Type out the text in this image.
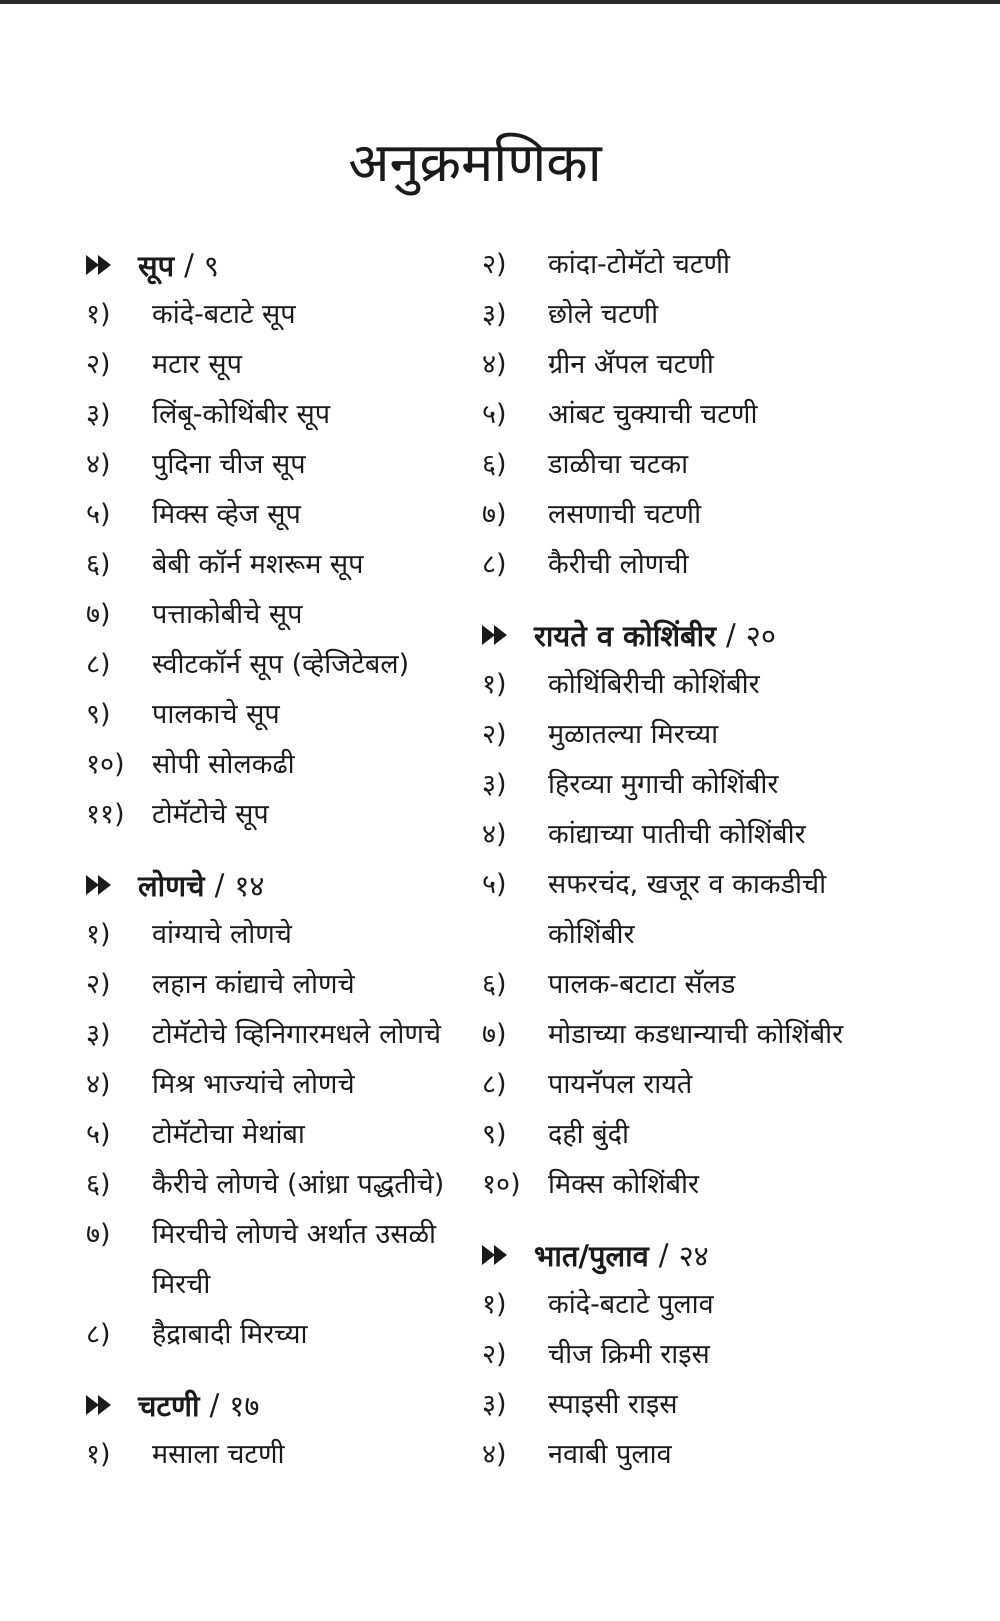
अनुक्रमणिका
सूप / ९
१)	कांदे-बटाटे सूप
२)	मटार सूप
३)	लिंबू-कोथिंबीर सूप
४)	पुदिना चीज सूप
५)	मिक्स व्हेज सूप
६)	बेबी कॉर्न मशरूम सूप
७)	पत्ताकोबीचे सूप
८)	स्वीटकॉर्न सूप (व्हेजिटेबल)
९)	पालकाचे सूप
१०)	सोपी सोलकढी
११)	टोमॅटोचे सूप
लोणचे / १४
१)	वांग्याचे लोणचे
२)	लहान कांद्याचे लोणचे
३)	टोमॅटोचे व्हिनिगारमधले लोणचे
४)	मिश्र भाज्यांचे लोणचे
५)	टोमॅटोचा मेथांबा
६)	कैरीचे लोणचे (आंध्रा पद्धतीचे)
७)	मिरचीचे लोणचे अर्थात उसळी मिरची
८)	हैद्राबादी मिरच्या
चटणी / १७
१)	मसाला चटणी
२)	कांदा-टोमॅटो चटणी
३)	छोले चटणी
४)	ग्रीन ॲपल चटणी
५)	आंबट चुक्याची चटणी
६)	डाळीचा चटका
७)	लसणाची चटणी
८)	कैरीची लोणची
रायते व कोशिंबीर / २०
१)	कोथिंबिरीची कोशिंबीर
२)	मुळातल्या मिरच्या
३)	हिरव्या मुगाची कोशिंबीर
४)	कांद्याच्या पातीची कोशिंबीर
५)	सफरचंद, खजूर व काकडीची कोशिंबीर
६)	पालक-बटाटा सॅलड
७)	मोडाच्या कडधान्याची कोशिंबीर
८)	पायनॅपल रायते
९)	दही बुंदी
१०)	मिक्स कोशिंबीर
भात/पुलाव / २४
१)	कांदे-बटाटे पुलाव
२)	चीज क्रिमी राइस
३)	स्पाइसी राइस
४)	नवाबी पुलाव
